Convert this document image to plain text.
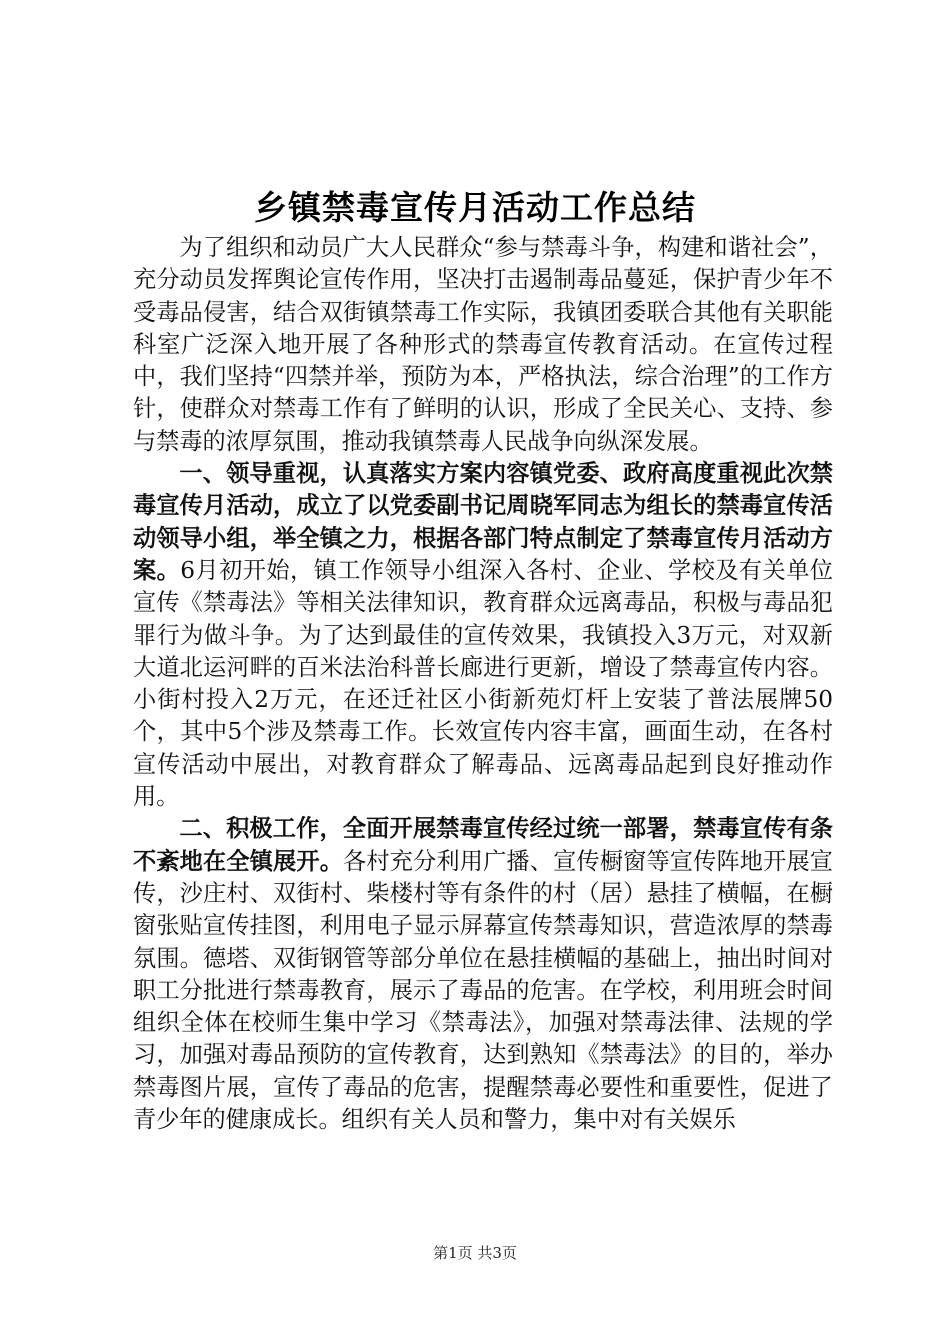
乡镇禁毒宣传月活动工作总结

为了组织和动员广大人民群众“参与禁毒斗争，构建和谐社会”，充分动员发挥舆论宣传作用，坚决打击遏制毒品蔓延，保护青少年不受毒品侵害，结合双街镇禁毒工作实际，我镇团委联合其他有关职能科室广泛深入地开展了各种形式的禁毒宣传教育活动。在宣传过程中，我们坚持“四禁并举，预防为本，严格执法，综合治理”的工作方针，使群众对禁毒工作有了鲜明的认识，形成了全民关心、支持、参与禁毒的浓厚氛围，推动我镇禁毒人民战争向纵深发展。

一、领导重视，认真落实方案内容镇党委、政府高度重视此次禁毒宣传月活动，成立了以党委副书记周晓军同志为组长的禁毒宣传活动领导小组，举全镇之力，根据各部门特点制定了禁毒宣传月活动方案。6月初开始，镇工作领导小组深入各村、企业、学校及有关单位宣传《禁毒法》等相关法律知识，教育群众远离毒品，积极与毒品犯罪行为做斗争。为了达到最佳的宣传效果，我镇投入3万元，对双新大道北运河畔的百米法治科普长廊进行更新，增设了禁毒宣传内容。小街村投入2万元，在还迁社区小街新苑灯杆上安装了普法展牌50个，其中5个涉及禁毒工作。长效宣传内容丰富，画面生动，在各村宣传活动中展出，对教育群众了解毒品、远离毒品起到良好推动作用。

二、积极工作，全面开展禁毒宣传经过统一部署，禁毒宣传有条不紊地在全镇展开。各村充分利用广播、宣传橱窗等宣传阵地开展宣传，沙庄村、双街村、柴楼村等有条件的村（居）悬挂了横幅，在橱窗张贴宣传挂图，利用电子显示屏幕宣传禁毒知识，营造浓厚的禁毒氛围。德塔、双街钢管等部分单位在悬挂横幅的基础上，抽出时间对职工分批进行禁毒教育，展示了毒品的危害。在学校，利用班会时间组织全体在校师生集中学习《禁毒法》，加强对禁毒法律、法规的学习，加强对毒品预防的宣传教育，达到熟知《禁毒法》的目的，举办禁毒图片展，宣传了毒品的危害，提醒禁毒必要性和重要性，促进了青少年的健康成长。组织有关人员和警力，集中对有关娱乐

第1页 共3页
